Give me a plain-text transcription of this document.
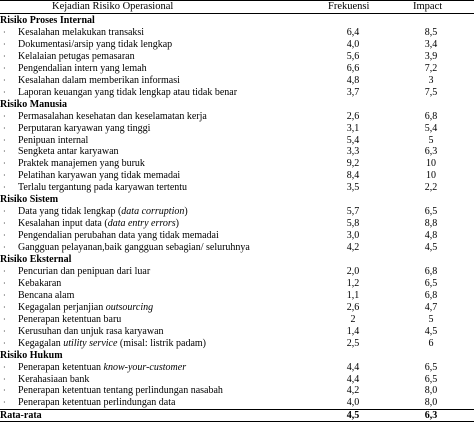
Kejadian Risiko Operasional	Frekuensi	Impact
Risiko Proses Internal
· Kesalahan melakukan transaksi	6,4	8,5
· Dokumentasi/arsip yang tidak lengkap	4,0	3,4
· Kelalaian petugas pemasaran	5,6	3,9
· Pengendalian intern yang lemah	6,6	7,2
· Kesalahan dalam memberikan informasi	4,8	3
· Laporan keuangan yang tidak lengkap atau tidak benar	3,7	7,5
Risiko Manusia
· Permasalahan kesehatan dan keselamatan kerja	2,6	6,8
· Perputaran karyawan yang tinggi	3,1	5,4
· Penipuan internal	5,4	5
· Sengketa antar karyawan	3,3	6,3
· Praktek manajemen yang buruk	9,2	10
· Pelatihan karyawan yang tidak memadai	8,4	10
· Terlalu tergantung pada karyawan tertentu	3,5	2,2
Risiko Sistem
· Data yang tidak lengkap (data corruption)	5,7	6,5
· Kesalahan input data (data entry errors)	5,8	8,8
· Pengendalian perubahan data yang tidak memadai	3,0	4,8
· Gangguan pelayanan,baik gangguan sebagian/ seluruhnya	4,2	4,5
Risiko Eksternal
· Pencurian dan penipuan dari luar	2,0	6,8
· Kebakaran	1,2	6,5
· Bencana alam	1,1	6,8
· Kegagalan perjanjian outsourcing	2,6	4,7
· Penerapan ketentuan baru	2	5
· Kerusuhan dan unjuk rasa karyawan	1,4	4,5
· Kegagalan utility service (misal: listrik padam)	2,5	6
Risiko Hukum
· Penerapan ketentuan know-your-customer	4,4	6,5
· Kerahasiaan bank	4,4	6,5
· Penerapan ketentuan tentang perlindungan nasabah	4,2	8,0
· Penerapan ketentuan perlindungan data	4,0	8,0
Rata-rata	4,5	6,3
